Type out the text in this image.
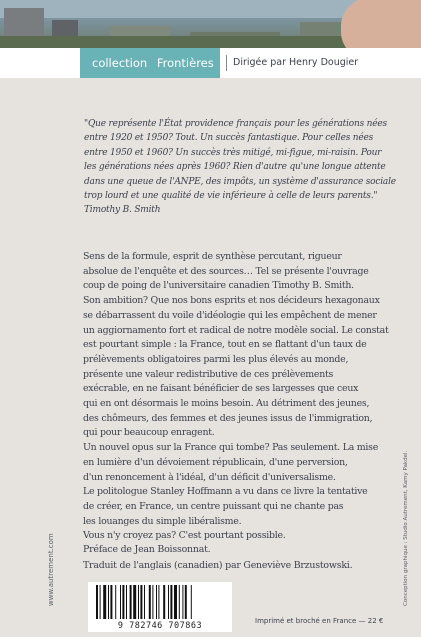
collection Frontières	Dirigée par Henry Dougier

"Que représente l'État providence français pour les générations nées

entre 1920 et 1950? Tout. Un succès fantastique. Pour celles nées

entre 1950 et 1960? Un succès très mitigé, mi-figue, mi-raisin. Pour

les générations nées après 1960? Rien d'autre qu'une longue attente

dans une queue de l'ANPE, des impôts, un système d'assurance sociale

trop lourd et une qualité de vie inférieure à celle de leurs parents."

Timothy B. Smith

Sens de la formule, esprit de synthèse percutant, rigueur

absolue de l'enquête et des sources… Tel se présente l'ouvrage

coup de poing de l'universitaire canadien Timothy B. Smith.

Son ambition? Que nos bons esprits et nos décideurs hexagonaux

se débarrassent du voile d'idéologie qui les empêchent de mener

un aggiornamento fort et radical de notre modèle social. Le constat

est pourtant simple : la France, tout en se flattant d'un taux de

prélèvements obligatoires parmi les plus élevés au monde,

présente une valeur redistributive de ces prélèvements

exécrable, en ne faisant bénéficier de ses largesses que ceux

qui en ont désormais le moins besoin. Au détriment des jeunes,

des chômeurs, des femmes et des jeunes issus de l'immigration,

qui pour beaucoup enragent.

Un nouvel opus sur la France qui tombe? Pas seulement. La mise

en lumière d'un dévoiement républicain, d'une perversion,

d'un renoncement à l'idéal, d'un déficit d'universalisme.

Le politologue Stanley Hoffmann a vu dans ce livre la tentative

de créer, en France, un centre puissant qui ne chante pas

les louanges du simple libéralisme.

Vous n'y croyez pas? C'est pourtant possible.

Préface de Jean Boissonnat.

Traduit de l'anglais (canadien) par Geneviève Brzustowski.

www.autrement.com	Conception graphique : Studio Autrement, Kamy Pakdel.
9 782746 707863	Imprimé et broché en France — 22 €
